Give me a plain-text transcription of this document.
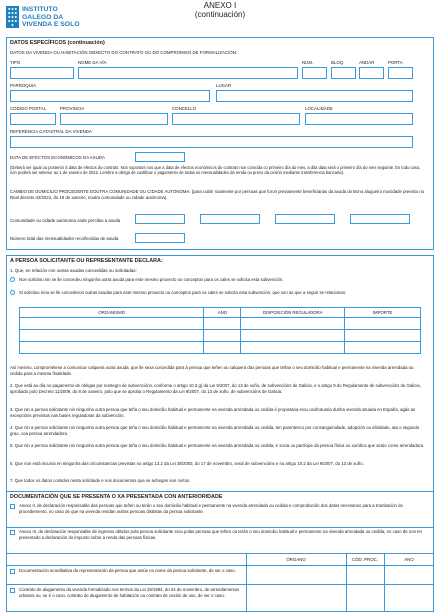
INSTITUTO
GALEGO DA
VIVENDA E SOLO
ANEXO I
(continuación)
DATOS ESPECÍFICOS (continuación)
DATOS DA VIVENDA OU HABITACIÓN OBXECTO DO CONTRATO OU DO COMPROMISO DE FORMALIZACIÓN:
TIPO	NOME DA VÍA	NÚM.	BLOQ.	ANDAR	PORTA
PARROQUIA	LUGAR
CÓDIGO POSTAL	PROVINCIA	CONCELLO	LOCALIDADE
REFERENCIA CATASTRAL DA VIVENDA
DATA DE EFECTOS ECONÓMICOS DA AXUDA
(Deberá ser igual ou posterior á data de efectos do contrato. Nos supostos nos que a data de efectos económicos do contrato non coincida co primeiro día do mes, a dita data será o primeiro día do mes seguinte. En todo caso, non poderá ser anterior ao 1 de xaneiro de 2022. Lembre a obriga de xustificar o pagamento de todas as mensualidades da renda ou prezo da cesión mediante transferencia bancaria).
CAMBIO DE DOMICILIO PROCEDENTE DOUTRA COMUNIDADE OU CIDADE AUTÓNOMA: (para cubrir soamente por persoas que foron previamente beneficiarias da axuda do Bono alugueiro mocidade previsto no Real decreto 42/2022, do 18 de xaneiro, noutra comunidade ou cidade autónoma).
Comunidade ou cidade autónoma onde percibiu a axuda
Número total das mensualidades recoñecidas de axuda
A PERSOA SOLICITANTE OU REPRESENTANTE DECLARA:
1. Que, en relación con outras axudas concedidas ou solicitadas:
Non solicitou nin se lle concedeu ningunha outra axuda para este mesmo proxecto ou conceptos para os cales se solicita esta subvención.
Si solicitou e/ou se lle concederon outras axudas para este mesmo proxecto ou conceptos para os cales se solicita esta subvención, que son as que a seguir se relacionan:
ORGANISMO	ANO	DISPOSICIÓN REGULADORA	IMPORTE

Así mesmo, comprométese a comunicar calquera outra axuda, que lle sexa concedida para á persoa que teñen ou calquera das persoas que teñan o seu domicilio habitual e permanente na vivenda arrendada ou cedida para a mesma finalidade.
2. Que está ao día no pagamento de obrigas por reintegro de subvencións, conforme o artigo 10.2.g) da Lei 9/2007, do 13 de xuño, de subvencións de Galicia, e o artigo 9 do Regulamento de subvencións de Galicia, aprobado polo Decreto 11/2009, do 8 de xaneiro, polo que se aproba o Regulamento da Lei 9/2007, do 13 de xuño, de subvencións de Galicia.
3. Que nin a persoa solicitante nin ningunha outra persoa que teña o seu domicilio habitual e permanente na vivenda arrendada ou cedida é propietaria e/ou usufrutuaria dunha vivenda situada en España, agás as excepcións previstas nas bases reguladoras da subvención.
4. Que nin a persoa solicitante nin ningunha outra persoa que teña o seu domicilio habitual e permanente na vivenda arrendada ou cedida, ten parentesco por consanguinidade, adopción ou afinidade, ata o segundo grao, coa persoa arrendadora.
5. Que nin a persoa solicitante nin ningunha outra persoa que teña o seu domicilio habitual e permanente na vivenda arrendada ou cedida, é socia ou partícipe da persoa física ou xurídica que actúe como arrendadora.
6. Que non está incursa en ningunha das circunstancias previstas no artigo 13.2 da Lei 38/2003, do 17 de novembro, xeral de subvencións e no artigo 10.2 da Lei 9/2007, do 13 de xuño.
7. Que todos os datos contidos nesta solicitude e nos documentos que se achegan son certos.
DOCUMENTACIÓN QUE SE PRESENTA O XA PRESENTADA CON ANTERIORIDADE
Anexo II, de declaración responsable das persoas que teñen ou terán o seu domicilio habitual e permanente na vivenda arrendada ou cedida e comprobación dos datos necesarios para a tramitación do procedemento, no caso de que na vivenda residan outras persoas distintas da persoa solicitante.
Anexo III, de declaración responsable de ingresos obtidos pola persoa solicitante e/ou polas persoas que teñen ou terán o seu domicilio habitual e permanente na vivenda arrendada ou cedida, no caso de non ter presentado a declaración do imposto sobre a renda das persoas físicas.
ÓRGANO	CÓD. PROC.	ANO
Documentación acreditativa da representación da persoa que actúe no nome da persoa solicitante, de ser o caso.
Contrato de alugamento da vivenda formalizado nos termos da Lei 29/1994, do 24 de novembro, de arrendamentos urbanos ou, se é o caso, contrato de alugamento de habitación ou contrato de cesión de uso, de ser o caso.
